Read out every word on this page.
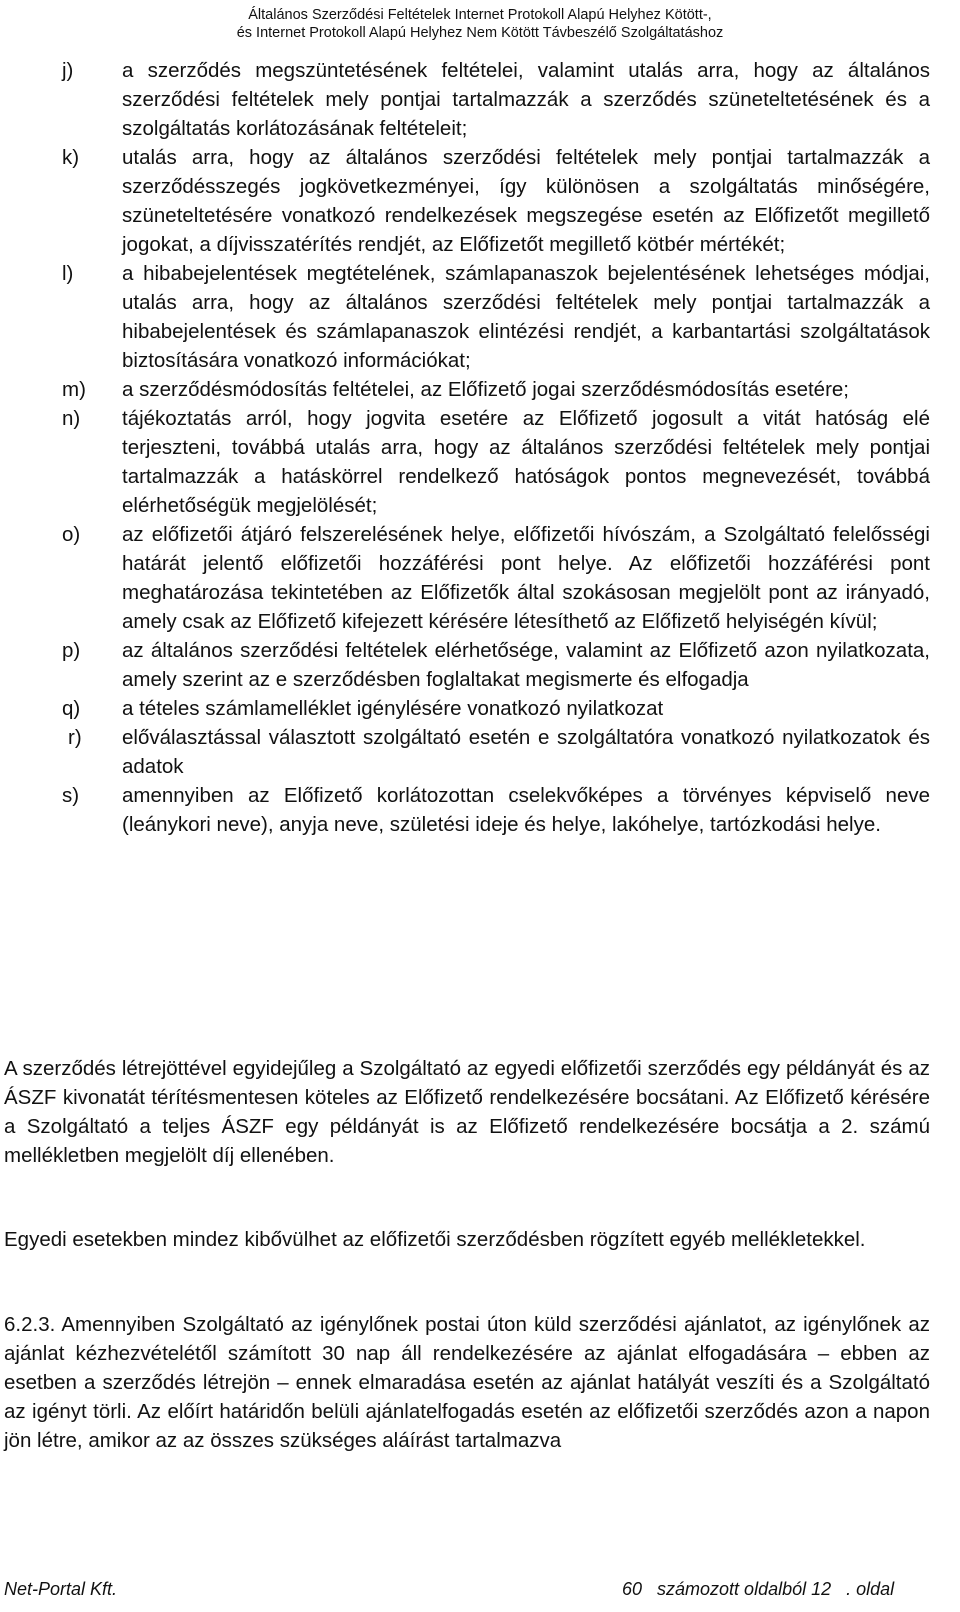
Általános Szerződési Feltételek Internet Protokoll Alapú Helyhez Kötött-,
és Internet Protokoll Alapú Helyhez Nem Kötött Távbeszélő Szolgáltatáshoz
j) a szerződés megszüntetésének feltételei, valamint utalás arra, hogy az általános szerződési feltételek mely pontjai tartalmazzák a szerződés szüneteltetésének és a szolgáltatás korlátozásának feltételeit;
k) utalás arra, hogy az általános szerződési feltételek mely pontjai tartalmazzák a szerződésszegés jogkövetkezményei, így különösen a szolgáltatás minőségére, szüneteltetésére vonatkozó rendelkezések megszegése esetén az Előfizetőt megillető jogokat, a díjvisszatérítés rendjét, az Előfizetőt megillető kötbér mértékét;
l) a hibabejelentések megtételének, számlapanaszok bejelentésének lehetséges módjai, utalás arra, hogy az általános szerződési feltételek mely pontjai tartalmazzák a hibabejelentések és számlapanaszok elintézési rendjét, a karbantartási szolgáltatások biztosítására vonatkozó információkat;
m) a szerződésmódosítás feltételei, az Előfizető jogai szerződésmódosítás esetére;
n) tájékoztatás arról, hogy jogvita esetére az Előfizető jogosult a vitát hatóság elé terjeszteni, továbbá utalás arra, hogy az általános szerződési feltételek mely pontjai tartalmazzák a hatáskörrel rendelkező hatóságok pontos megnevezését, továbbá elérhetőségük megjelölését;
o) az előfizetői átjáró felszerelésének helye, előfizetői hívószám, a Szolgáltató felelősségi határát jelentő előfizetői hozzáférési pont helye. Az előfizetői hozzáférési pont meghatározása tekintetében az Előfizetők által szokásosan megjelölt pont az irányadó, amely csak az Előfizető kifejezett kérésére létesíthető az Előfizető helyiségén kívül;
p) az általános szerződési feltételek elérhetősége, valamint az Előfizető azon nyilatkozata, amely szerint az e szerződésben foglaltakat megismerte és elfogadja
q) a tételes számlamelléklet igénylésére vonatkozó nyilatkozat
r) előválasztással választott szolgáltató esetén e szolgáltatóra vonatkozó nyilatkozatok és adatok
s) amennyiben az Előfizető korlátozottan cselekvőképes a törvényes képviselő neve (leánykori neve), anyja neve, születési ideje és helye, lakóhelye, tartózkodási helye.

A szerződés létrejöttével egyidejűleg a Szolgáltató az egyedi előfizetői szerződés egy példányát és az ÁSZF kivonatát térítésmentesen köteles az Előfizető rendelkezésére bocsátani. Az Előfizető kérésére a Szolgáltató a teljes ÁSZF egy példányát is az Előfizető rendelkezésére bocsátja a 2. számú mellékletben megjelölt díj ellenében.

Egyedi esetekben mindez kibővülhet az előfizetői szerződésben rögzített egyéb mellékletekkel.

6.2.3. Amennyiben Szolgáltató az igénylőnek postai úton küld szerződési ajánlatot, az igénylőnek az ajánlat kézhezvételétől számított 30 nap áll rendelkezésére az ajánlat elfogadására – ebben az esetben a szerződés létrejön – ennek elmaradása esetén az ajánlat hatályát veszíti és a Szolgáltató az igényt törli. Az előírt határidőn belüli ajánlatelfogadás esetén az előfizetői szerződés azon a napon jön létre, amikor az az összes szükséges aláírást tartalmazva

Net-Portal Kft.	60   számozott oldalból 12   . oldal
